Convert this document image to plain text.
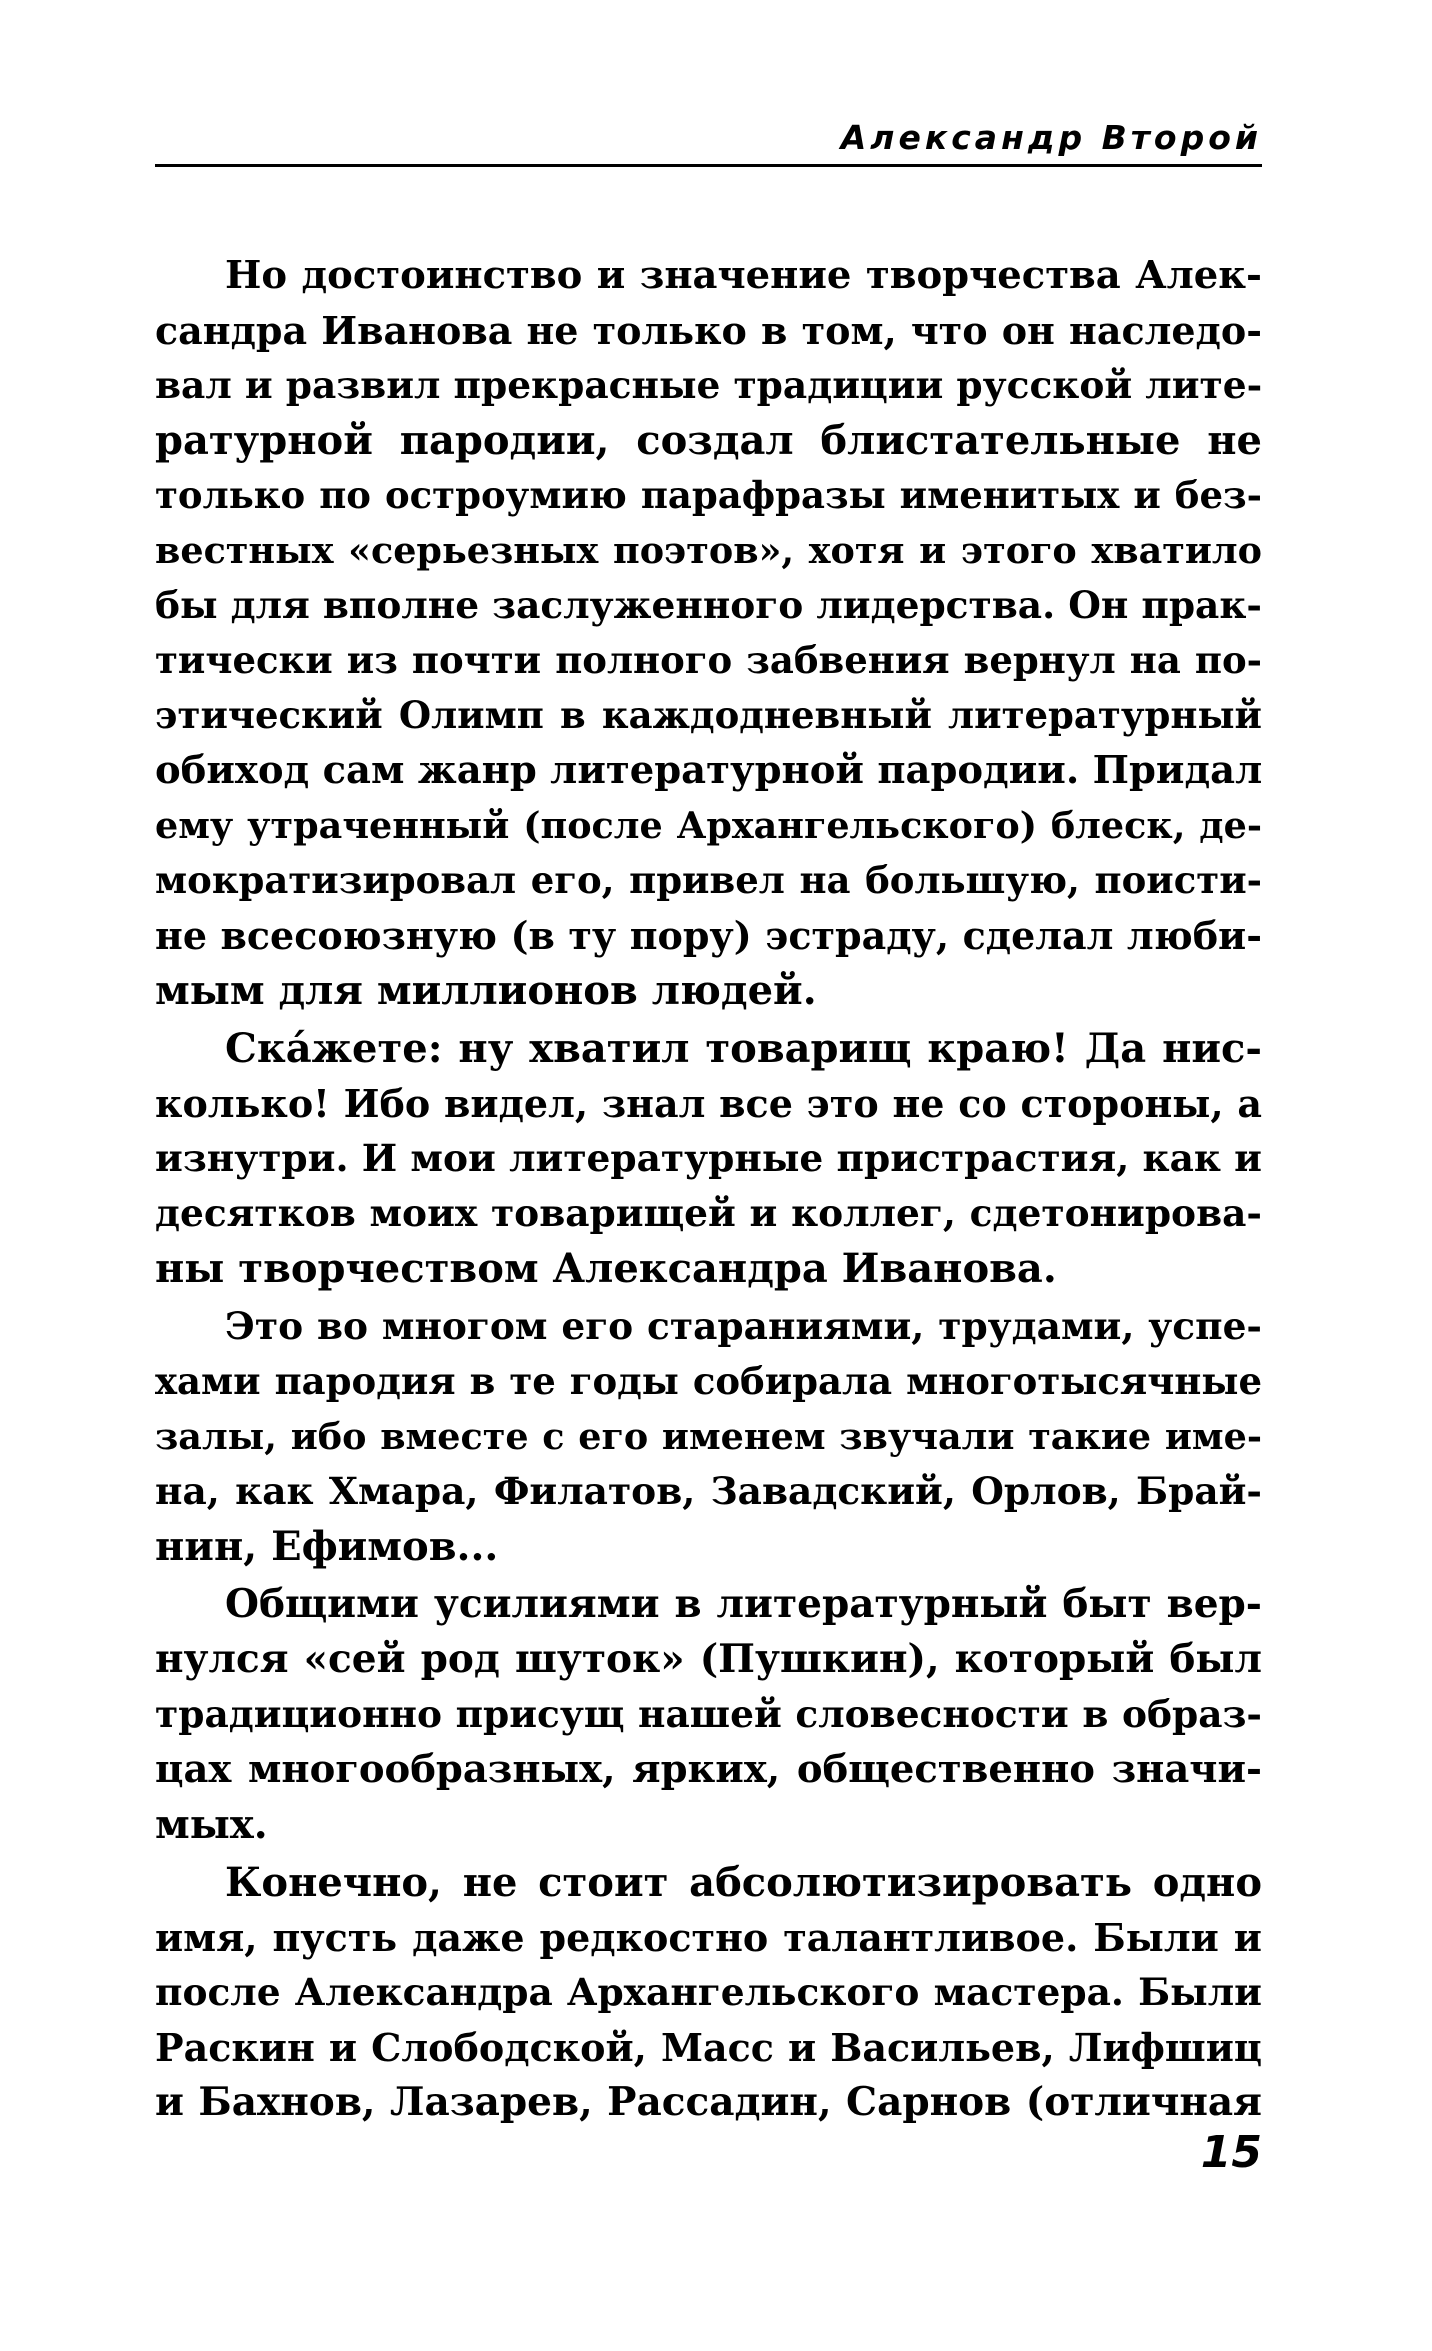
Александр Второй
Но достоинство и значение творчества Алек-
сандра Иванова не только в том, что он наследо-
вал и развил прекрасные традиции русской лите-
ратурной пародии, создал блистательные не
только по остроумию парафразы именитых и без-
вестных «серьезных поэтов», хотя и этого хватило
бы для вполне заслуженного лидерства. Он прак-
тически из почти полного забвения вернул на по-
этический Олимп в каждодневный литературный
обиход сам жанр литературной пародии. Придал
ему утраченный (после Архангельского) блеск, де-
мократизировал его, привел на большую, поисти-
не всесоюзную (в ту пору) эстраду, сделал люби-
мым для миллионов людей.
Скáжете: ну хватил товарищ краю! Да нис-
колько! Ибо видел, знал все это не со стороны, а
изнутри. И мои литературные пристрастия, как и
десятков моих товарищей и коллег, сдетонирова-
ны творчеством Александра Иванова.
Это во многом его стараниями, трудами, успе-
хами пародия в те годы собирала многотысячные
залы, ибо вместе с его именем звучали такие име-
на, как Хмара, Филатов, Завадский, Орлов, Брай-
нин, Ефимов...
Общими усилиями в литературный быт вер-
нулся «сей род шуток» (Пушкин), который был
традиционно присущ нашей словесности в образ-
цах многообразных, ярких, общественно значи-
мых.
Конечно, не стоит абсолютизировать одно
имя, пусть даже редкостно талантливое. Были и
после Александра Архангельского мастера. Были
Раскин и Слободской, Масс и Васильев, Лифшиц
и Бахнов, Лазарев, Рассадин, Сарнов (отличная
15
